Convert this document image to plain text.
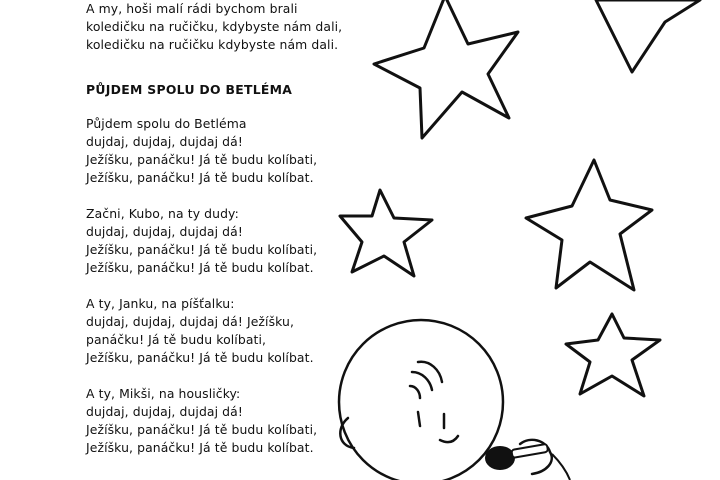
A my, hoši malí rádi bychom brali
koledičku na ručičku, kdybyste nám dali,
koledičku na ručičku kdybyste nám dali.
PŮJDEM SPOLU DO BETLÉMA
Půjdem spolu do Betléma
dujdaj, dujdaj, dujdaj dá!
Ježíšku, panáčku! Já tě budu kolíbati,
Ježíšku, panáčku! Já tě budu kolíbat.
Začni, Kubo, na ty dudy:
dujdaj, dujdaj, dujdaj dá!
Ježíšku, panáčku! Já tě budu kolíbati,
Ježíšku, panáčku! Já tě budu kolíbat.
A ty, Janku, na píšťalku:
dujdaj, dujdaj, dujdaj dá! Ježíšku,
panáčku! Já tě budu kolíbati,
Ježíšku, panáčku! Já tě budu kolíbat.
A ty, Mikši, na housličky:
dujdaj, dujdaj, dujdaj dá!
Ježíšku, panáčku! Já tě budu kolíbati,
Ježíšku, panáčku! Já tě budu kolíbat.
